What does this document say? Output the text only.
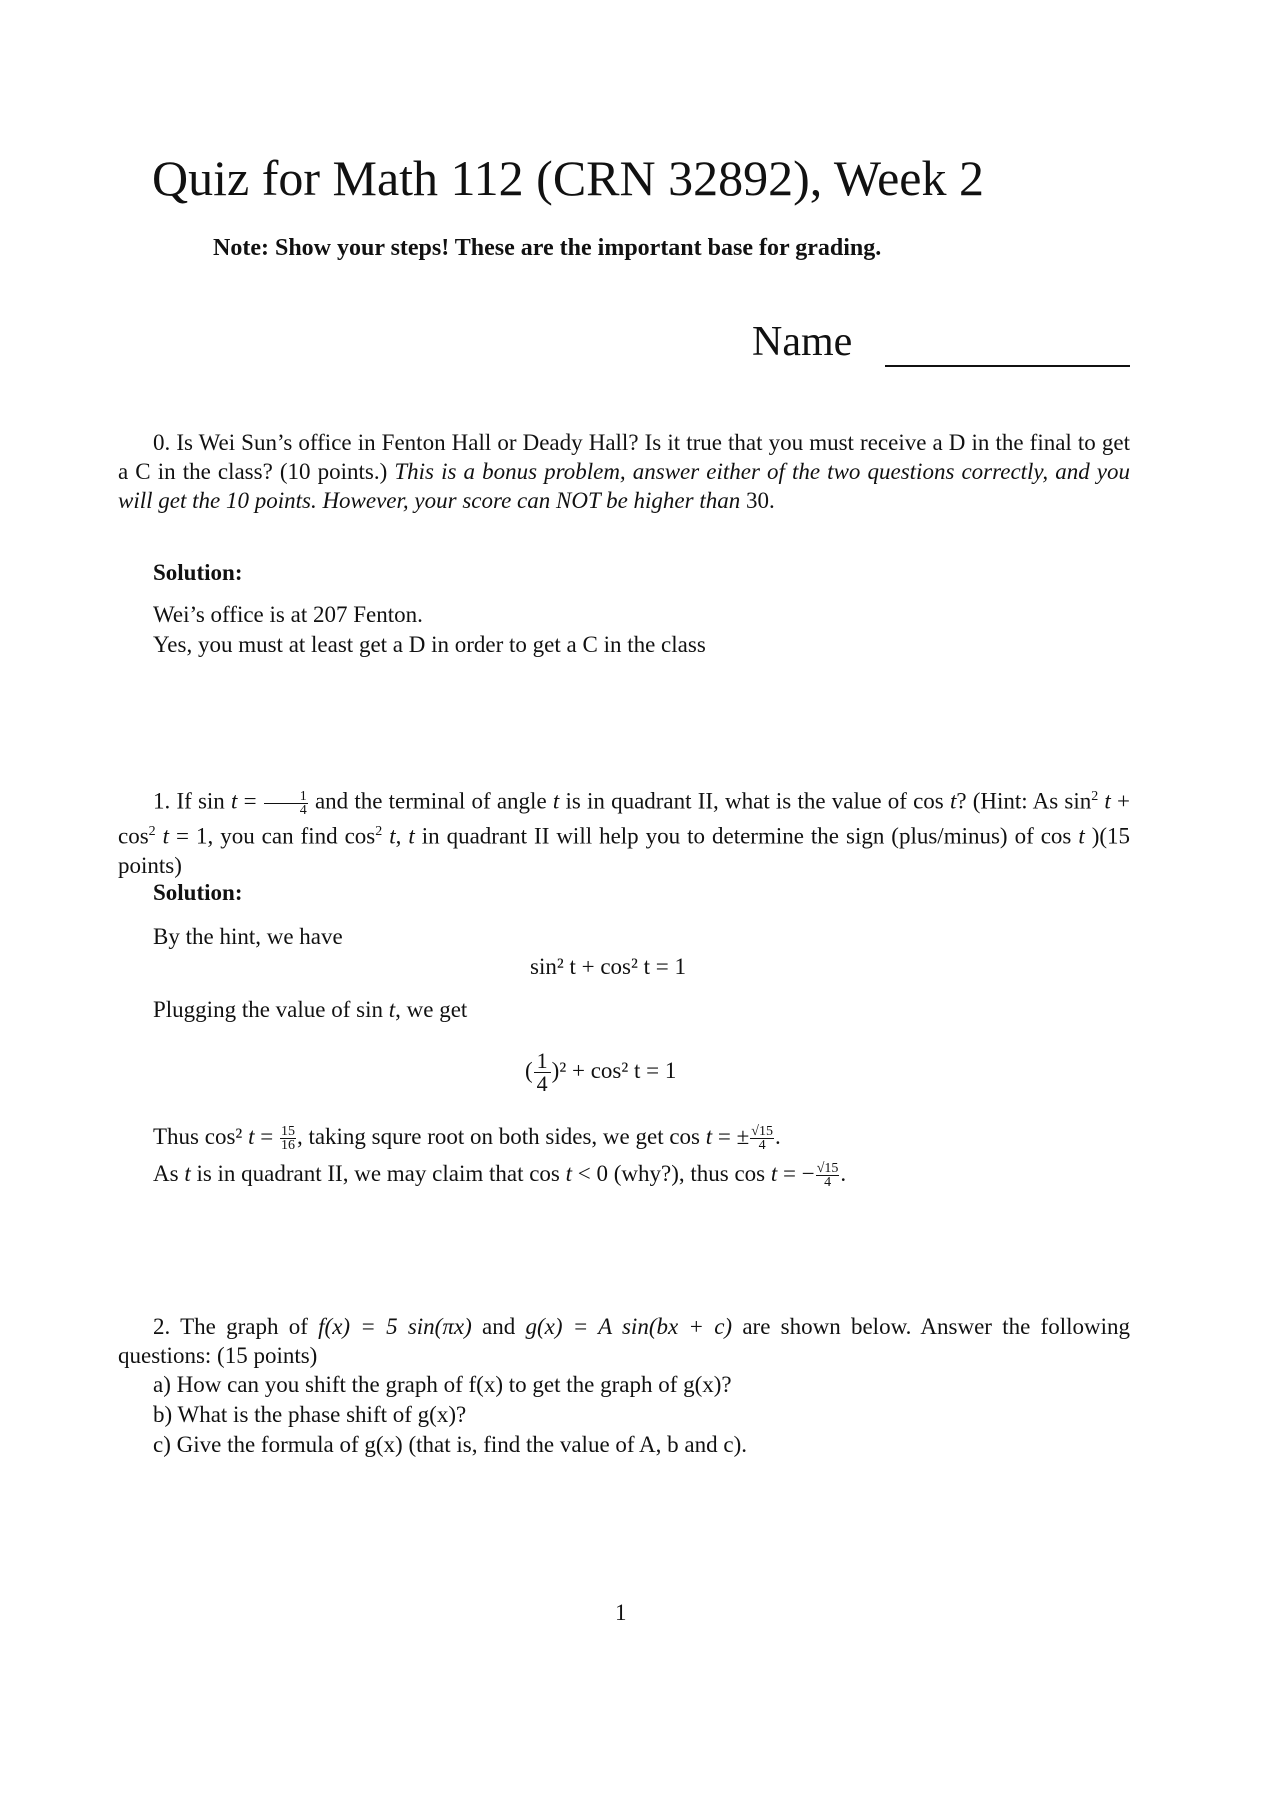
Quiz for Math 112 (CRN 32892), Week 2
Note: Show your steps! These are the important base for grading.
Name
0. Is Wei Sun’s office in Fenton Hall or Deady Hall? Is it true that you must receive a D in the final to get a C in the class? (10 points.) This is a bonus problem, answer either of the two questions correctly, and you will get the 10 points. However, your score can NOT be higher than 30.
Solution:
Wei’s office is at 207 Fenton.
Yes, you must at least get a D in order to get a C in the class
1. If $\sin t = \frac{1}{4}$ and the terminal of angle t is in quadrant II, what is the value of cos t? (Hint: As $\sin^2 t + \cos^2 t = 1$, you can find $\cos^2 t$, t in quadrant II will help you to determine the sign (plus/minus) of cos t )(15 points)
Solution:
By the hint, we have
sin² t + cos² t = 1
Plugging the value of sin t, we get
( $\frac{1}{4} )^2 + \cos^2$ t = 1
Thus cos² $t = \frac{15}{16}$ , taking squre root on both sides, we get cos t = ± $\frac{√15}{4}$ .
As t is in quadrant II, we may claim that cos t < 0 (why?), thus cos t = − $\frac{√15}{4}$ .
2. The graph of f(x) = 5 sin(πx) and g(x) = A sin(bx + c) are shown below. Answer the following questions: (15 points)
a) How can you shift the graph of f(x) to get the graph of g(x)?
b) What is the phase shift of g(x)?
c) Give the formula of g(x) (that is, find the value of A, b and c).
1
